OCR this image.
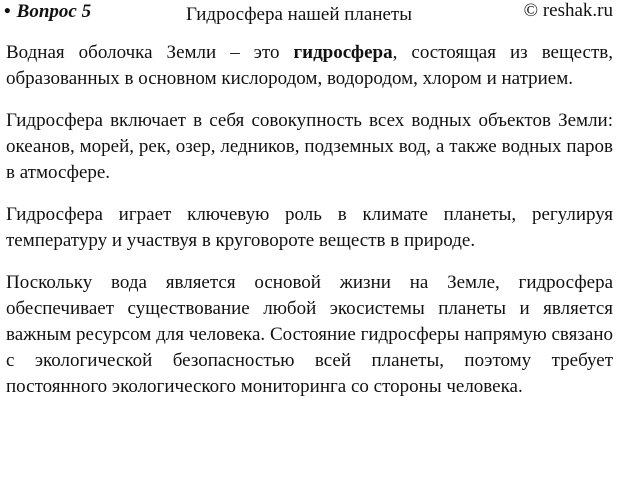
• Вопрос 5	Гидросфера нашей планеты	© reshak.ru

Водная оболочка Земли – это гидросфера, состоящая из веществ, образованных в основном кислородом, водородом, хлором и натрием.

Гидросфера включает в себя совокупность всех водных объектов Земли: океанов, морей, рек, озер, ледников, подземных вод, а также водных паров в атмосфере.

Гидросфера играет ключевую роль в климате планеты, регулируя температуру и участвуя в круговороте веществ в природе.

Поскольку вода является основой жизни на Земле, гидросфера обеспечивает существование любой экосистемы планеты и является важным ресурсом для человека. Состояние гидросферы напрямую связано с экологической безопасностью всей планеты, поэтому требует постоянного экологического мониторинга со стороны человека.
